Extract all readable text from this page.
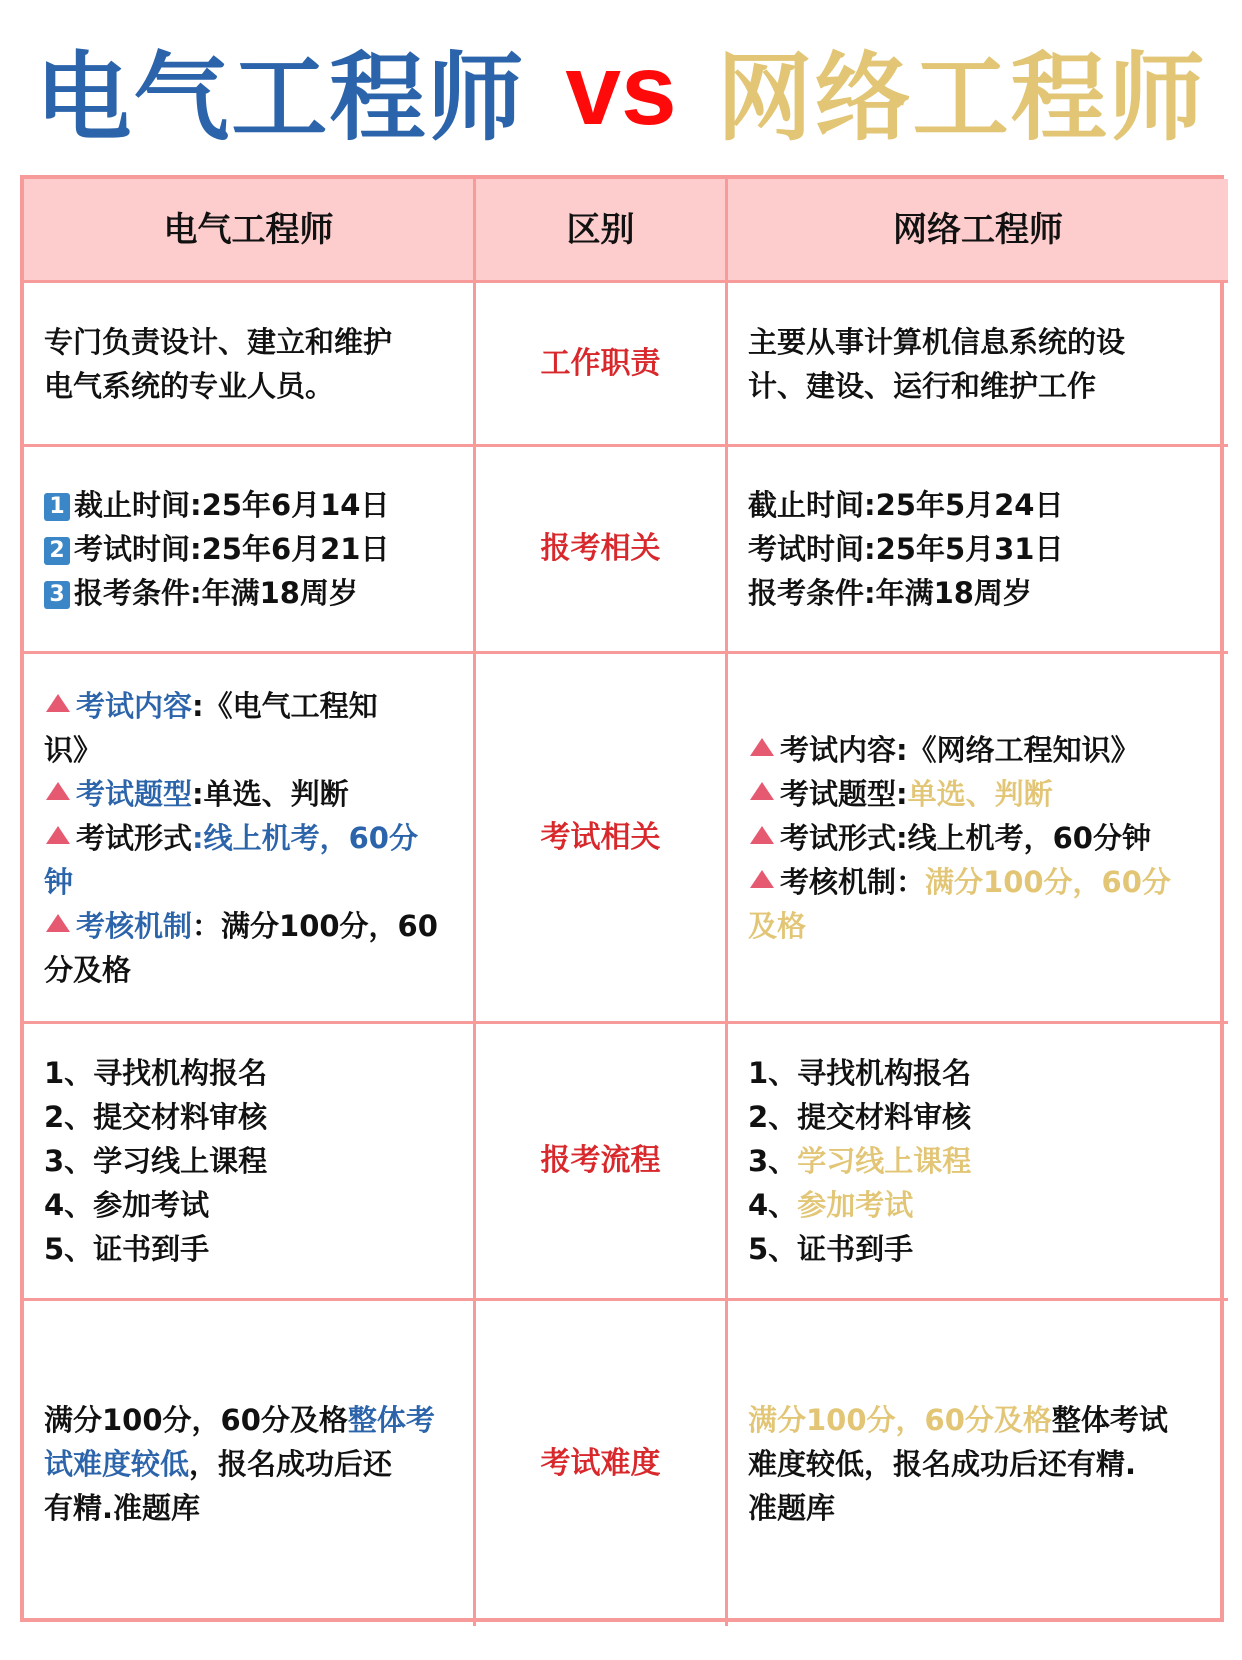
电气工程师 vs 网络工程师
电气工程师	区别	网络工程师
专门负责设计、建立和维护
电气系统的专业人员。
工作职责
主要从事计算机信息系统的设
计、建设、运行和维护工作
1 裁止时间:25年6月14日
2 考试时间:25年6月21日
3 报考条件:年满18周岁
报考相关
截止时间:25年5月24日
考试时间:25年5月31日
报考条件:年满18周岁
考试内容:《电气工程知
识》
考试题型:单选、判断
考试形式:线上机考，60分
钟
考核机制：满分100分，60
分及格
考试相关
考试内容:《网络工程知识》
考试题型:单选、判断
考试形式:线上机考，60分钟
考核机制：满分100分，60分
及格
1、寻找机构报名
2、提交材料审核
3、学习线上课程
4、参加考试
5、证书到手
报考流程
1、寻找机构报名
2、提交材料审核
3、学习线上课程
4、参加考试
5、证书到手
满分100分，60分及格整体考
试难度较低，报名成功后还
有精.准题库
考试难度
满分100分，60分及格整体考试
难度较低，报名成功后还有精.
准题库
